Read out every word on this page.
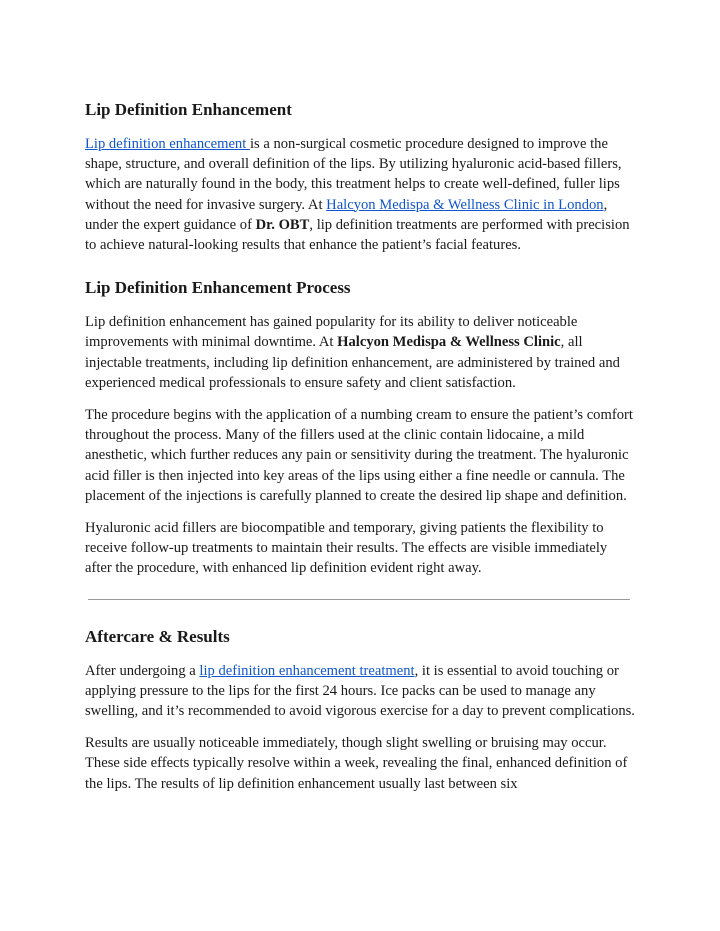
Lip Definition Enhancement

Lip definition enhancement is a non-surgical cosmetic procedure designed to improve the shape, structure, and overall definition of the lips. By utilizing hyaluronic acid-based fillers, which are naturally found in the body, this treatment helps to create well-defined, fuller lips without the need for invasive surgery. At Halcyon Medispa & Wellness Clinic in London, under the expert guidance of Dr. OBT, lip definition treatments are performed with precision to achieve natural-looking results that enhance the patient’s facial features.

Lip Definition Enhancement Process

Lip definition enhancement has gained popularity for its ability to deliver noticeable improvements with minimal downtime. At Halcyon Medispa & Wellness Clinic, all injectable treatments, including lip definition enhancement, are administered by trained and experienced medical professionals to ensure safety and client satisfaction.

The procedure begins with the application of a numbing cream to ensure the patient’s comfort throughout the process. Many of the fillers used at the clinic contain lidocaine, a mild anesthetic, which further reduces any pain or sensitivity during the treatment. The hyaluronic acid filler is then injected into key areas of the lips using either a fine needle or cannula. The placement of the injections is carefully planned to create the desired lip shape and definition.

Hyaluronic acid fillers are biocompatible and temporary, giving patients the flexibility to receive follow-up treatments to maintain their results. The effects are visible immediately after the procedure, with enhanced lip definition evident right away.

Aftercare & Results

After undergoing a lip definition enhancement treatment, it is essential to avoid touching or applying pressure to the lips for the first 24 hours. Ice packs can be used to manage any swelling, and it’s recommended to avoid vigorous exercise for a day to prevent complications.

Results are usually noticeable immediately, though slight swelling or bruising may occur. These side effects typically resolve within a week, revealing the final, enhanced definition of the lips. The results of lip definition enhancement usually last between six
